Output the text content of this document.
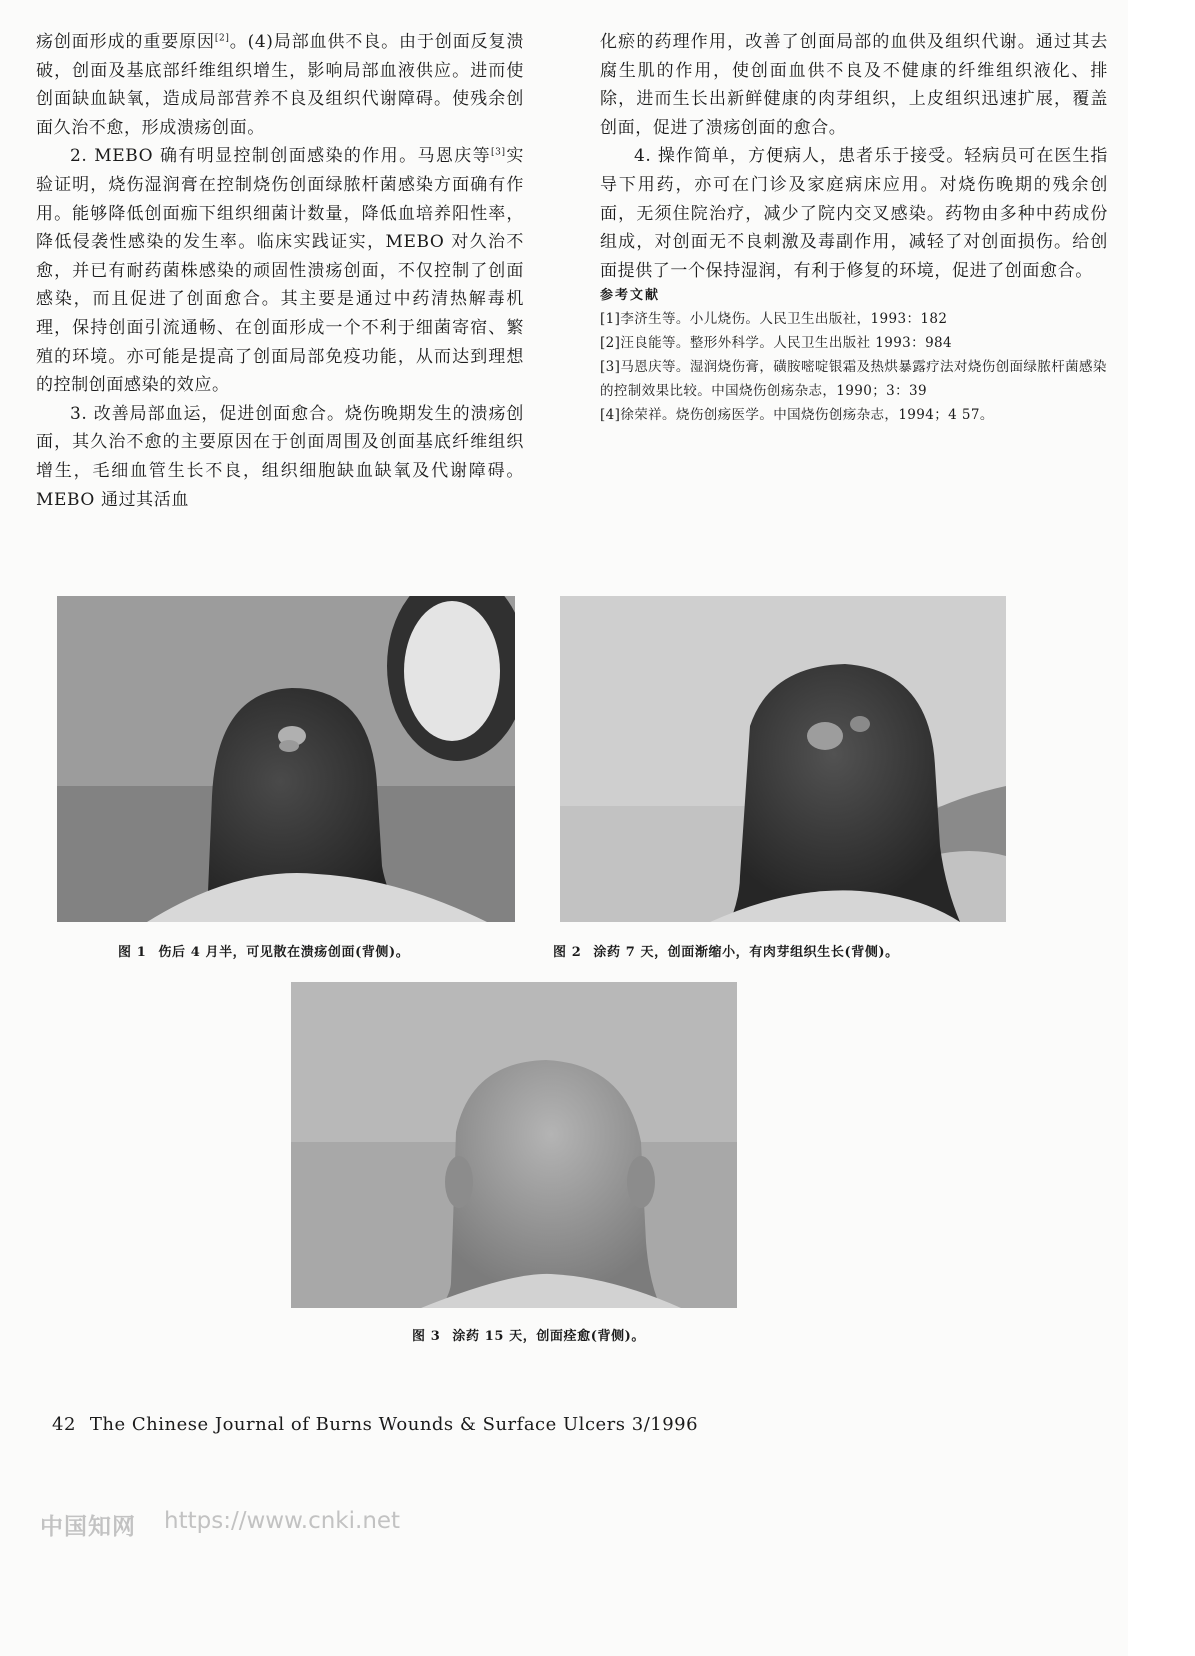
疡创面形成的重要原因[2]。(4)局部血供不良。由于创面反复溃破，创面及基底部纤维组织增生，影响局部血液供应。进而使创面缺血缺氧，造成局部营养不良及组织代谢障碍。使残余创面久治不愈，形成溃疡创面。

2. MEBO 确有明显控制创面感染的作用。马恩庆等[3]实验证明，烧伤湿润膏在控制烧伤创面绿脓杆菌感染方面确有作用。能够降低创面痂下组织细菌计数量，降低血培养阳性率，降低侵袭性感染的发生率。临床实践证实，MEBO 对久治不愈，并已有耐药菌株感染的顽固性溃疡创面，不仅控制了创面感染，而且促进了创面愈合。其主要是通过中药清热解毒机理，保持创面引流通畅、在创面形成一个不利于细菌寄宿、繁殖的环境。亦可能是提高了创面局部免疫功能，从而达到理想的控制创面感染的效应。

3. 改善局部血运，促进创面愈合。烧伤晚期发生的溃疡创面，其久治不愈的主要原因在于创面周围及创面基底纤维组织增生，毛细血管生长不良，组织细胞缺血缺氧及代谢障碍。MEBO 通过其活血

化瘀的药理作用，改善了创面局部的血供及组织代谢。通过其去腐生肌的作用，使创面血供不良及不健康的纤维组织液化、排除，进而生长出新鲜健康的肉芽组织，上皮组织迅速扩展，覆盖创面，促进了溃疡创面的愈合。

4. 操作简单，方便病人，患者乐于接受。轻病员可在医生指导下用药，亦可在门诊及家庭病床应用。对烧伤晚期的残余创面，无须住院治疗，减少了院内交叉感染。药物由多种中药成份组成，对创面无不良刺激及毒副作用，减轻了对创面损伤。给创面提供了一个保持湿润，有利于修复的环境，促进了创面愈合。

参考文献

[1]李济生等。小儿烧伤。人民卫生出版社，1993：182

[2]汪良能等。整形外科学。人民卫生出版社 1993：984

[3]马恩庆等。湿润烧伤膏，磺胺嘧啶银霜及热烘暴露疗法对烧伤创面绿脓杆菌感染的控制效果比较。中国烧伤创疡杂志，1990；3：39

[4]徐荣祥。烧伤创疡医学。中国烧伤创疡杂志，1994；4 57。

图 1 伤后 4 月半，可见散在溃疡创面(背侧)。	图 2 涂药 7 天，创面渐缩小，有肉芽组织生长(背侧)。
图 3 涂药 15 天，创面痊愈(背侧)。
42 The Chinese Journal of Burns Wounds & Surface Ulcers 3/1996
中国知网 https://www.cnki.net
